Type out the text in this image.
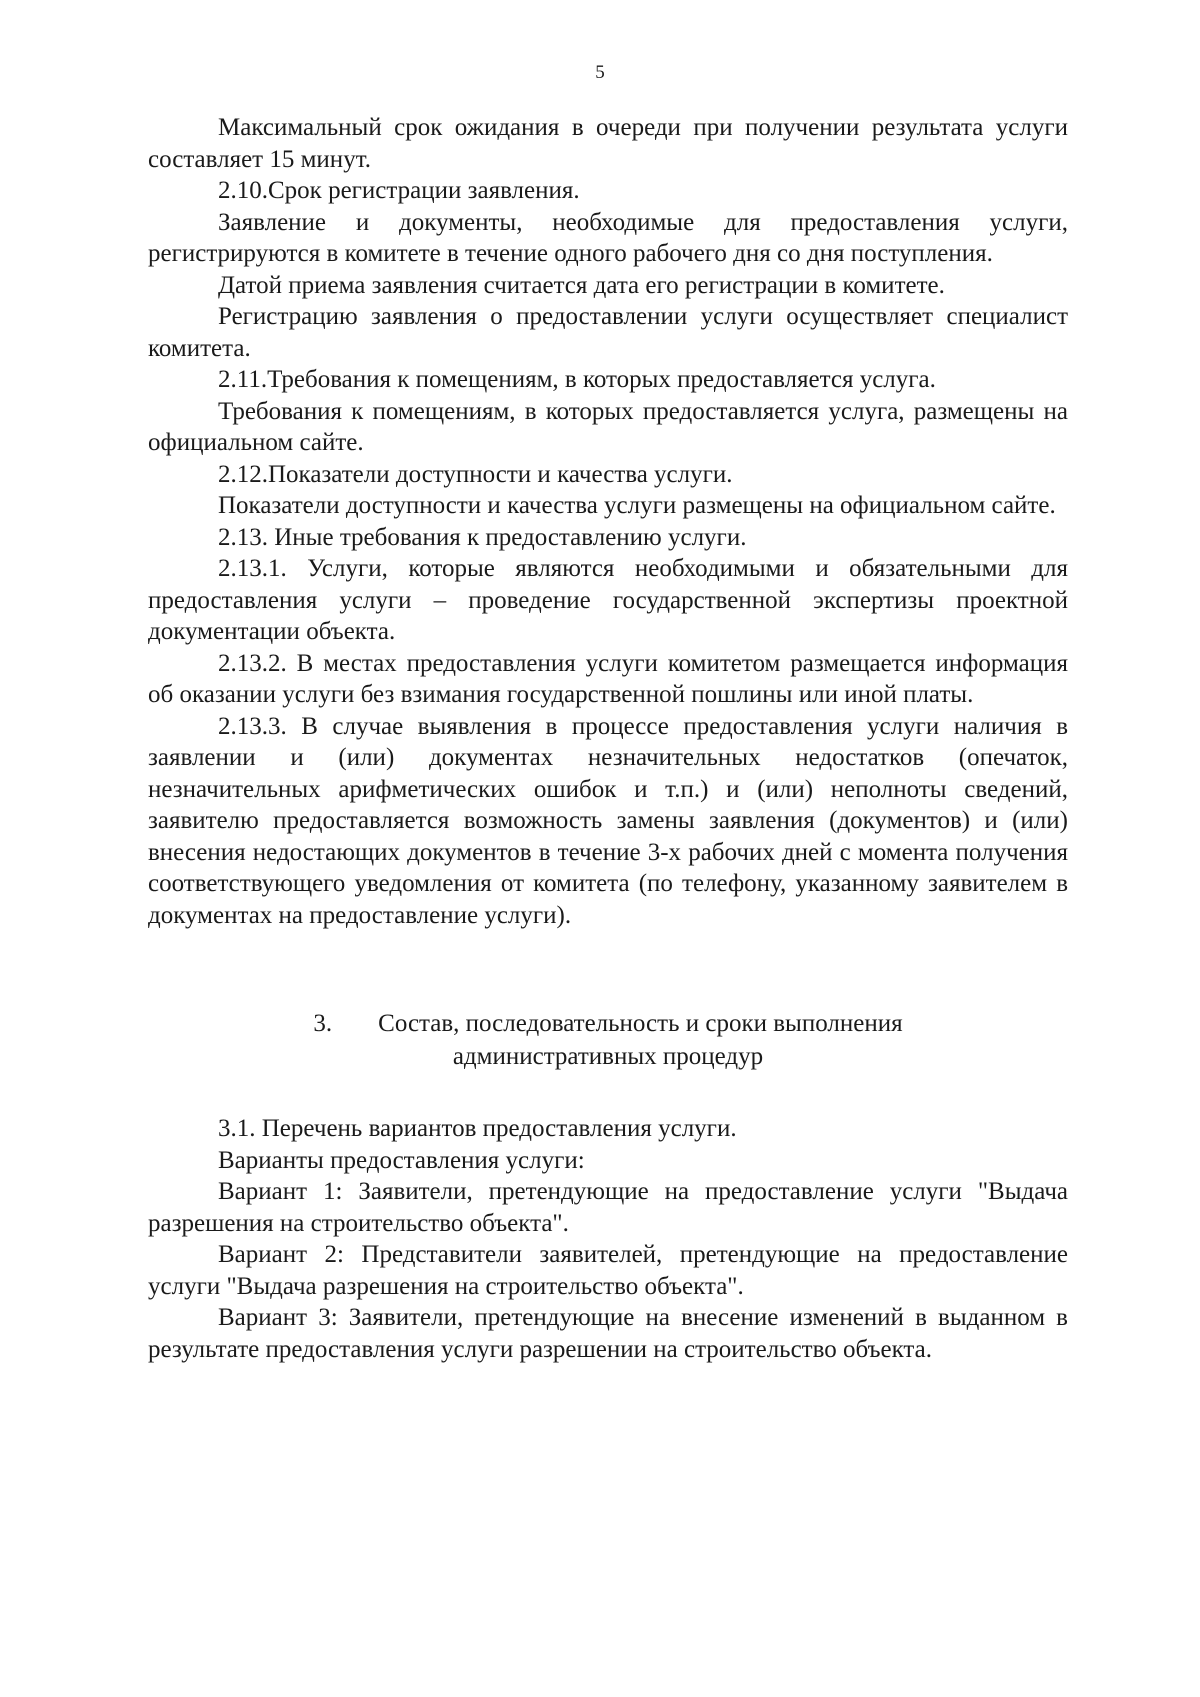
5

Максимальный срок ожидания в очереди при получении результата услуги составляет 15 минут.

2.10.Срок регистрации заявления.

Заявление и документы, необходимые для предоставления услуги, регистрируются в комитете в течение одного рабочего дня со дня поступления.

Датой приема заявления считается дата его регистрации в комитете.

Регистрацию заявления о предоставлении услуги осуществляет специалист комитета.

2.11.Требования к помещениям, в которых предоставляется услуга.

Требования к помещениям, в которых предоставляется услуга, размещены на официальном сайте.

2.12.Показатели доступности и качества услуги.

Показатели доступности и качества услуги размещены на официальном сайте.

2.13. Иные требования к предоставлению услуги.

2.13.1. Услуги, которые являются необходимыми и обязательными для предоставления услуги – проведение государственной экспертизы проектной документации объекта.

2.13.2. В местах предоставления услуги комитетом размещается информация об оказании услуги без взимания государственной пошлины или иной платы.

2.13.3. В случае выявления в процессе предоставления услуги наличия в заявлении и (или) документах незначительных недостатков (опечаток, незначительных арифметических ошибок и т.п.) и (или) неполноты сведений, заявителю предоставляется возможность замены заявления (документов) и (или) внесения недостающих документов в течение 3-х рабочих дней с момента получения соответствующего уведомления от комитета (по телефону, указанному заявителем в документах на предоставление услуги).

3. Состав, последовательность и сроки выполнения
административных процедур

3.1. Перечень вариантов предоставления услуги.

Варианты предоставления услуги:

Вариант 1: Заявители, претендующие на предоставление услуги "Выдача разрешения на строительство объекта".

Вариант 2: Представители заявителей, претендующие на предоставление услуги "Выдача разрешения на строительство объекта".

Вариант 3: Заявители, претендующие на внесение изменений в выданном в результате предоставления услуги разрешении на строительство объекта.
